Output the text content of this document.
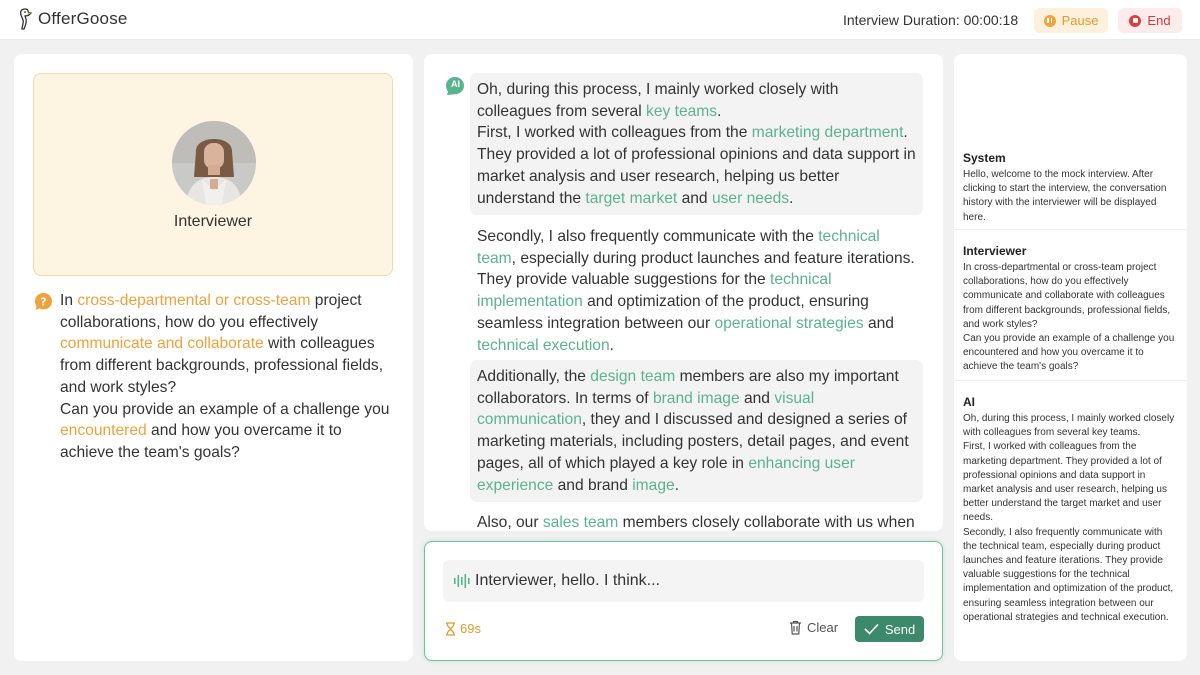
OfferGoose	Interview Duration: 00:00:18	Pause	End
Interviewer
? In cross-departmental or cross-team project collaborations, how do you effectively communicate and collaborate with colleagues from different backgrounds, professional fields, and work styles?
Can you provide an example of a challenge you encountered and how you overcame it to achieve the team's goals?
AI	Oh, during this process, I mainly worked closely with colleagues from several key teams.
First, I worked with colleagues from the marketing department. They provided a lot of professional opinions and data support in market analysis and user research, helping us better understand the target market and user needs.
Secondly, I also frequently communicate with the technical team, especially during product launches and feature iterations. They provide valuable suggestions for the technical implementation and optimization of the product, ensuring seamless integration between our operational strategies and technical execution.
Additionally, the design team members are also my important collaborators. In terms of brand image and visual communication, they and I discussed and designed a series of marketing materials, including posters, detail pages, and event pages, all of which played a key role in enhancing user experience and brand image.
Also, our sales team members closely collaborate with us when
Interviewer, hello. I think...
69s	Clear	Send
System
Hello, welcome to the mock interview. After clicking to start the interview, the conversation history with the interviewer will be displayed here.
Interviewer
In cross-departmental or cross-team project collaborations, how do you effectively communicate and collaborate with colleagues from different backgrounds, professional fields, and work styles?
Can you provide an example of a challenge you encountered and how you overcame it to achieve the team's goals?
AI
Oh, during this process, I mainly worked closely with colleagues from several key teams.
First, I worked with colleagues from the marketing department. They provided a lot of professional opinions and data support in market analysis and user research, helping us better understand the target market and user needs.
Secondly, I also frequently communicate with the technical team, especially during product launches and feature iterations. They provide valuable suggestions for the technical implementation and optimization of the product, ensuring seamless integration between our operational strategies and technical execution.
